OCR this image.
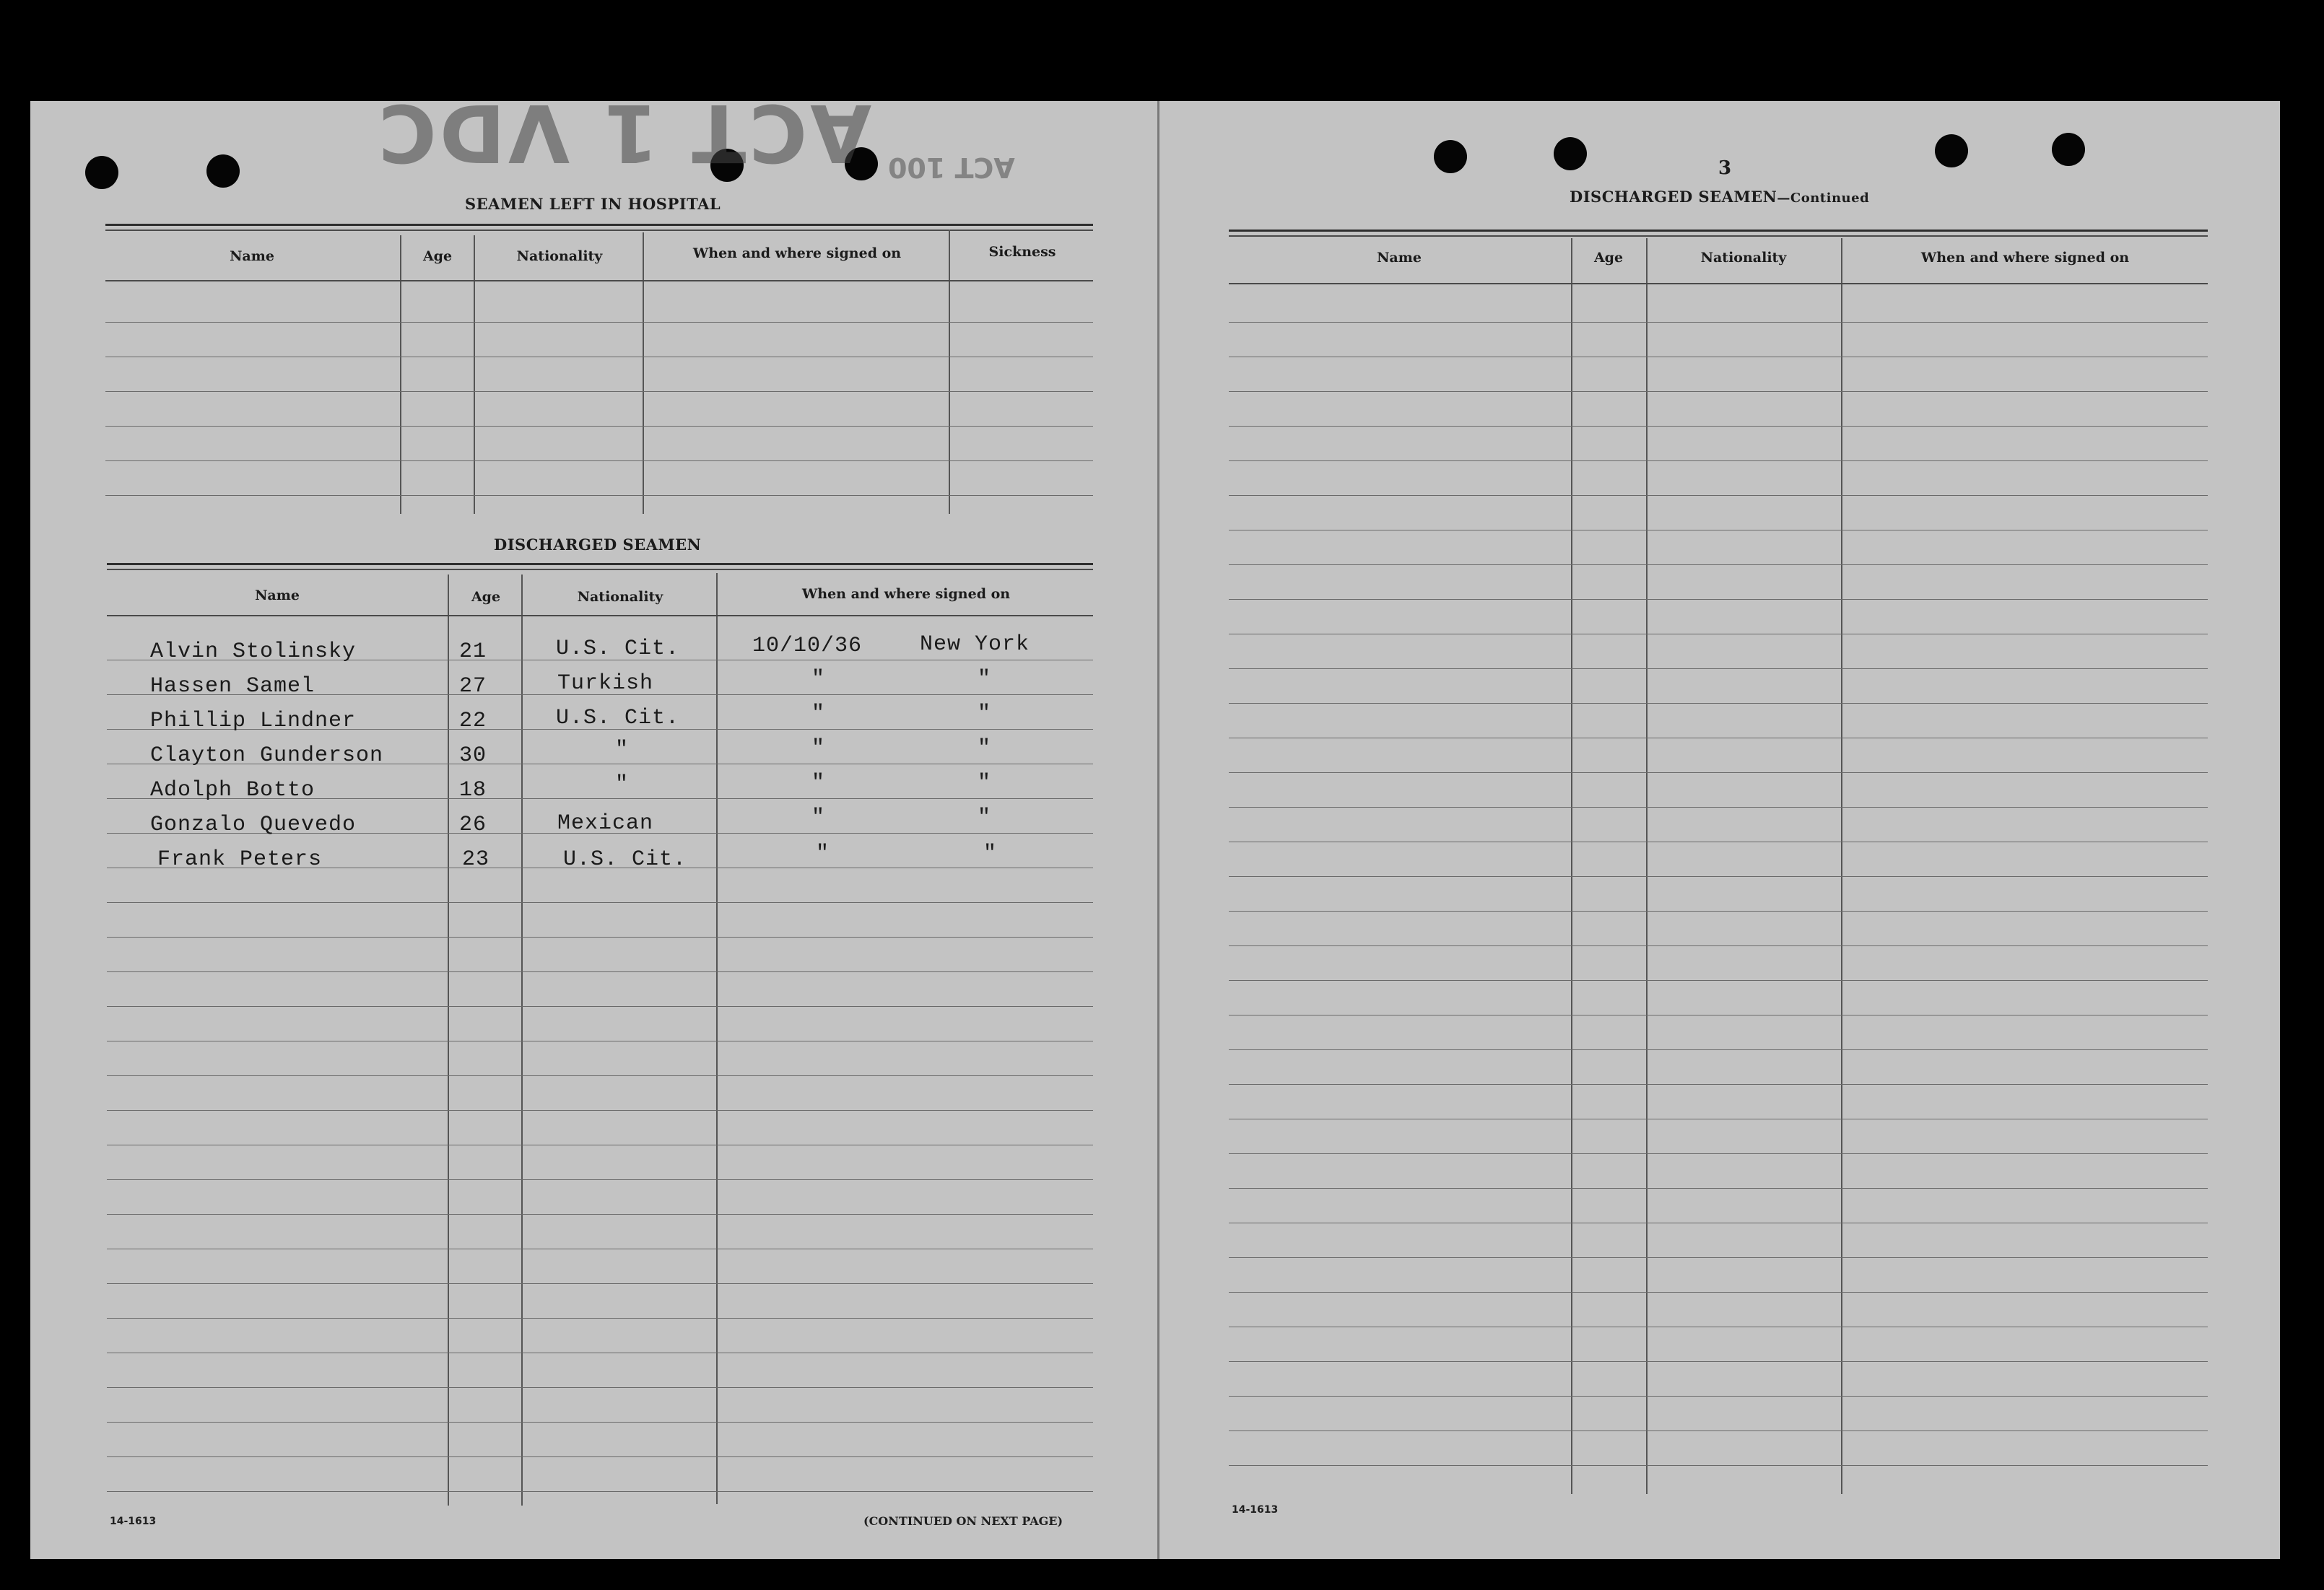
ACT 1 VDC ACT 100
SEAMEN LEFT IN HOSPITAL
Name	Age	Nationality	When and where signed on	Sickness
DISCHARGED SEAMEN
Name	Age	Nationality	When and where signed on
Alvin Stolinsky	21	U.S. Cit.	10/10/36	New York
Hassen Samel	27	Turkish	"	"
Phillip Lindner	22	U.S. Cit.	"	"
Clayton Gunderson	30	"	"	"
Adolph Botto	18	"	"	"
Gonzalo Quevedo	26	Mexican	"	"
Frank Peters	23	U.S. Cit.	"	"
14-1613	(CONTINUED ON NEXT PAGE)
3
DISCHARGED SEAMEN—Continued
Name	Age	Nationality	When and where signed on
14-1613
